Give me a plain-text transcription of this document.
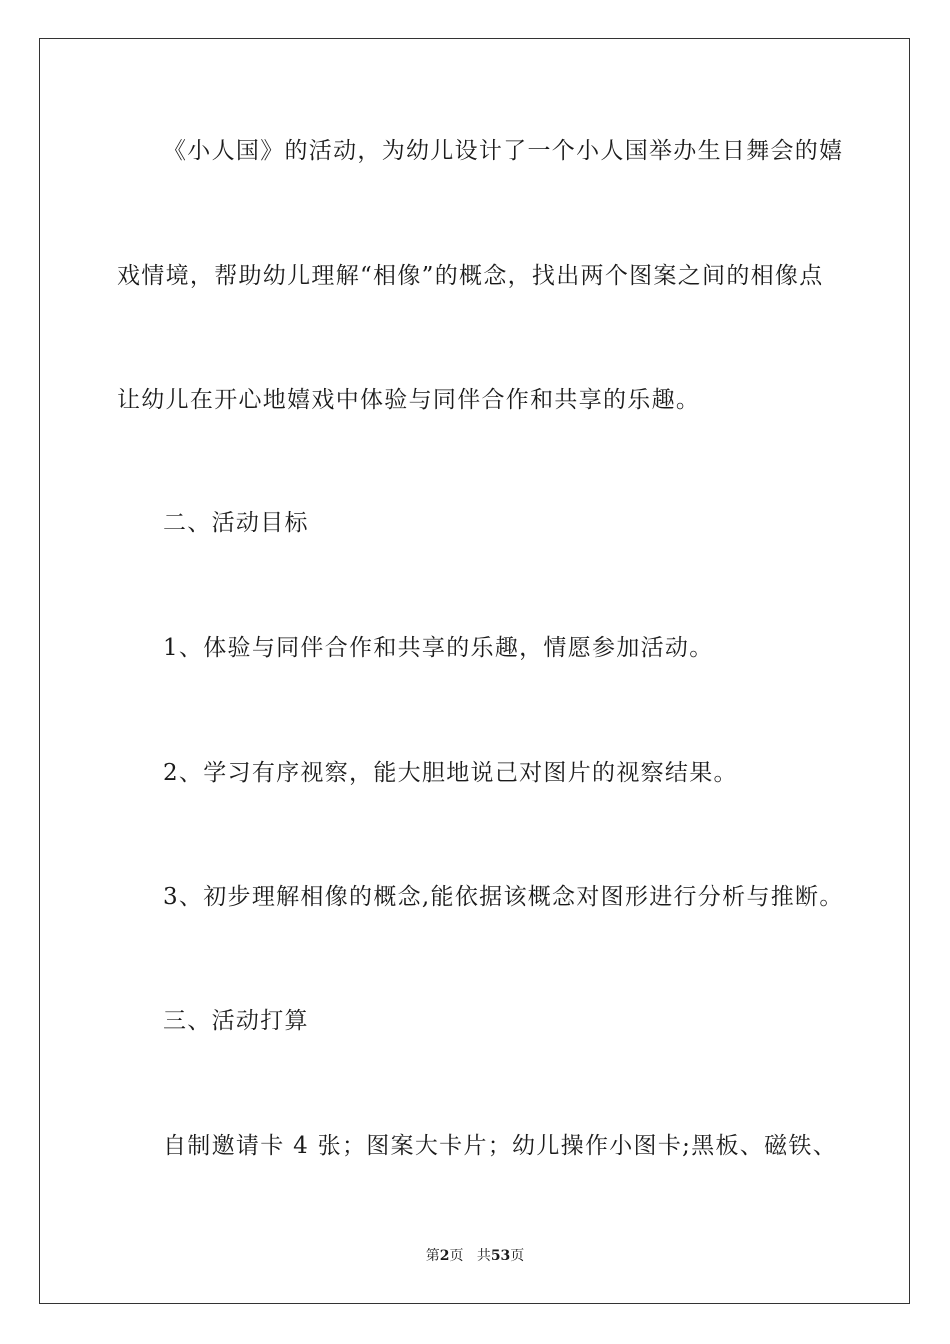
《小人国》的活动，为幼儿设计了一个小人国举办生日舞会的嬉
戏情境，帮助幼儿理解“相像”的概念，找出两个图案之间的相像点
让幼儿在开心地嬉戏中体验与同伴合作和共享的乐趣。
二、活动目标
1、体验与同伴合作和共享的乐趣，情愿参加活动。
2、学习有序视察，能大胆地说己对图片的视察结果。
3、初步理解相像的概念,能依据该概念对图形进行分析与推断。
三、活动打算
自制邀请卡 4 张；图案大卡片；幼儿操作小图卡;黑板、磁铁、
第2页 共53页
